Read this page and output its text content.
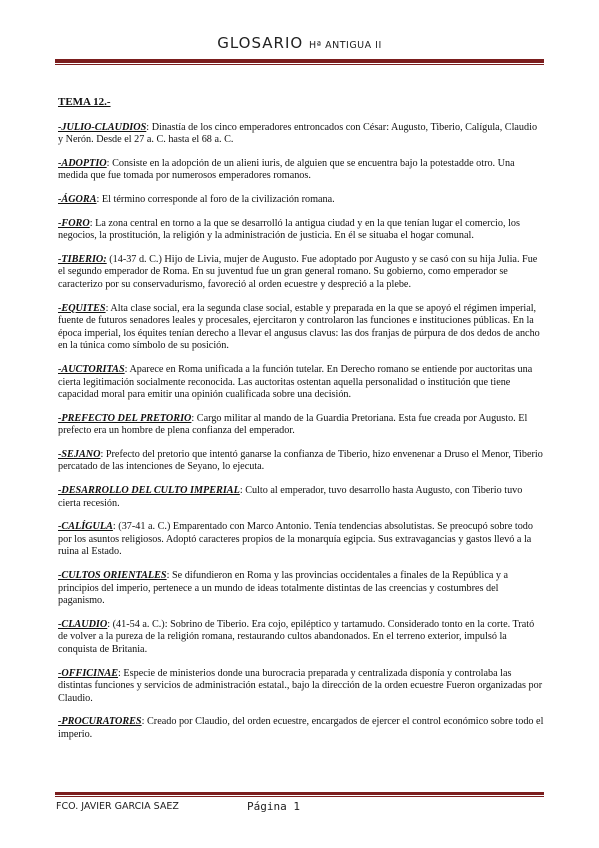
GLOSARIO Hª ANTIGUA II
TEMA 12.-

-JULIO-CLAUDIOS: Dinastía de los cinco emperadores entroncados con César: Augusto, Tiberio, Calígula, Claudio y Nerón. Desde el 27 a. C. hasta el 68 a. C.

-ADOPTIO: Consiste en la adopción de un alieni iuris, de alguien que se encuentra bajo la potestadde otro. Una medida que fue tomada por numerosos emperadores romanos.

-ÁGORA: El término corresponde al foro de la civilización romana.

-FORO: La zona central en torno a la que se desarrolló la antigua ciudad y en la que tenían lugar el comercio, los negocios, la prostitución, la religión y la administración de justicia. En él se situaba el hogar comunal.

-TIBERIO: (14-37 d. C.) Hijo de Livia, mujer de Augusto. Fue adoptado por Augusto y se casó con su hija Julia. Fue el segundo emperador de Roma. En su juventud fue un gran general romano. Su gobierno, como emperador se caracterizo por su conservadurismo, favoreció al orden ecuestre y despreció a la plebe.

-EQUITES: Alta clase social, era la segunda clase social, estable y preparada en la que se apoyó el régimen imperial, fuente de futuros senadores leales y procesales, ejercitaron y controlaron las funciones e instituciones públicas. En la época imperial, los équites tenían derecho a llevar el angusus clavus: las dos franjas de púrpura de dos dedos de ancho en la túnica como símbolo de su posición.

-AUCTORITAS: Aparece en Roma unificada a la función tutelar. En Derecho romano se entiende por auctoritas una cierta legitimación socialmente reconocida. Las auctoritas ostentan aquella personalidad o institución que tiene capacidad moral para emitir una opinión cualificada sobre una decisión.

-PREFECTO DEL PRETORIO: Cargo militar al mando de la Guardia Pretoriana. Esta fue creada por Augusto. El prefecto era un hombre de plena confianza del emperador.

-SEJANO: Prefecto del pretorio que intentó ganarse la confianza de Tiberio, hizo envenenar a Druso el Menor, Tiberio percatado de las intenciones de Seyano, lo ejecuta.

-DESARROLLO DEL CULTO IMPERIAL: Culto al emperador, tuvo desarrollo hasta Augusto, con Tiberio tuvo cierta recesión.

-CALÍGULA: (37-41 a. C.) Emparentado con Marco Antonio. Tenía tendencias absolutistas. Se preocupó sobre todo por los asuntos religiosos. Adoptó caracteres propios de la monarquía egipcia. Sus extravagancias y gastos llevó a la ruina al Estado.

-CULTOS ORIENTALES: Se difundieron en Roma y las provincias occidentales a finales de la República y a principios del imperio, pertenece a un mundo de ideas totalmente distintas de las creencias y costumbres del paganismo.

-CLAUDIO: (41-54 a. C.): Sobrino de Tiberio. Era cojo, epiléptico y tartamudo. Considerado tonto en la corte. Trató de volver a la pureza de la religión romana, restaurando cultos abandonados. En el terreno exterior, impulsó la conquista de Britania.

-OFFICINAE: Especie de ministerios donde una burocracia preparada y centralizada disponía y controlaba las distintas funciones y servicios de administración estatal., bajo la dirección de la orden ecuestre Fueron organizadas por Claudio.

-PROCURATORES: Creado por Claudio, del orden ecuestre, encargados de ejercer el control económico sobre todo el imperio.

FCO. JAVIER GARCIA SAEZ	Página 1
